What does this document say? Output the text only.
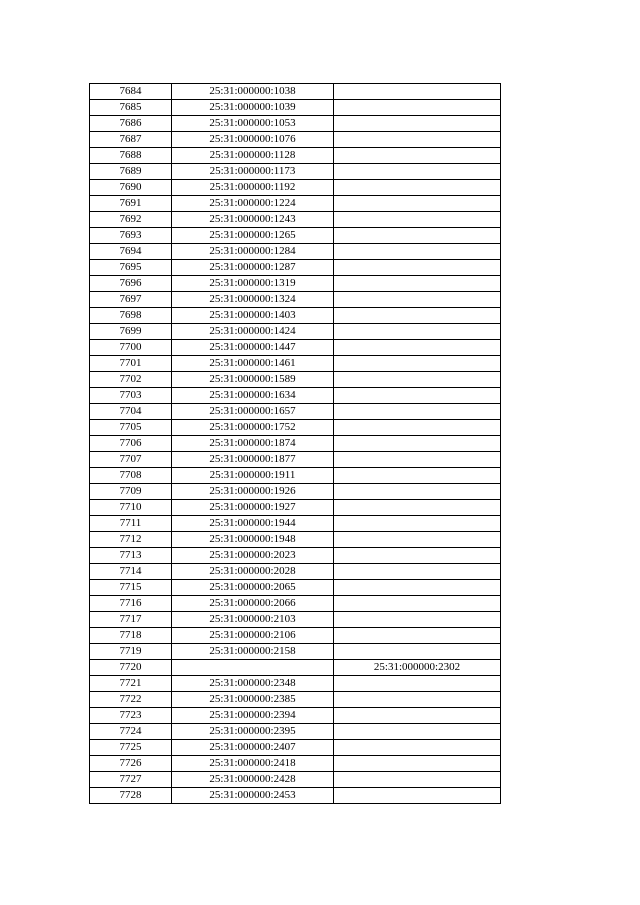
7684	25:31:000000:1038	
7685	25:31:000000:1039	
7686	25:31:000000:1053	
7687	25:31:000000:1076	
7688	25:31:000000:1128	
7689	25:31:000000:1173	
7690	25:31:000000:1192	
7691	25:31:000000:1224	
7692	25:31:000000:1243	
7693	25:31:000000:1265	
7694	25:31:000000:1284	
7695	25:31:000000:1287	
7696	25:31:000000:1319	
7697	25:31:000000:1324	
7698	25:31:000000:1403	
7699	25:31:000000:1424	
7700	25:31:000000:1447	
7701	25:31:000000:1461	
7702	25:31:000000:1589	
7703	25:31:000000:1634	
7704	25:31:000000:1657	
7705	25:31:000000:1752	
7706	25:31:000000:1874	
7707	25:31:000000:1877	
7708	25:31:000000:1911	
7709	25:31:000000:1926	
7710	25:31:000000:1927	
7711	25:31:000000:1944	
7712	25:31:000000:1948	
7713	25:31:000000:2023	
7714	25:31:000000:2028	
7715	25:31:000000:2065	
7716	25:31:000000:2066	
7717	25:31:000000:2103	
7718	25:31:000000:2106	
7719	25:31:000000:2158	
7720		25:31:000000:2302
7721	25:31:000000:2348	
7722	25:31:000000:2385	
7723	25:31:000000:2394	
7724	25:31:000000:2395	
7725	25:31:000000:2407	
7726	25:31:000000:2418	
7727	25:31:000000:2428	
7728	25:31:000000:2453	
